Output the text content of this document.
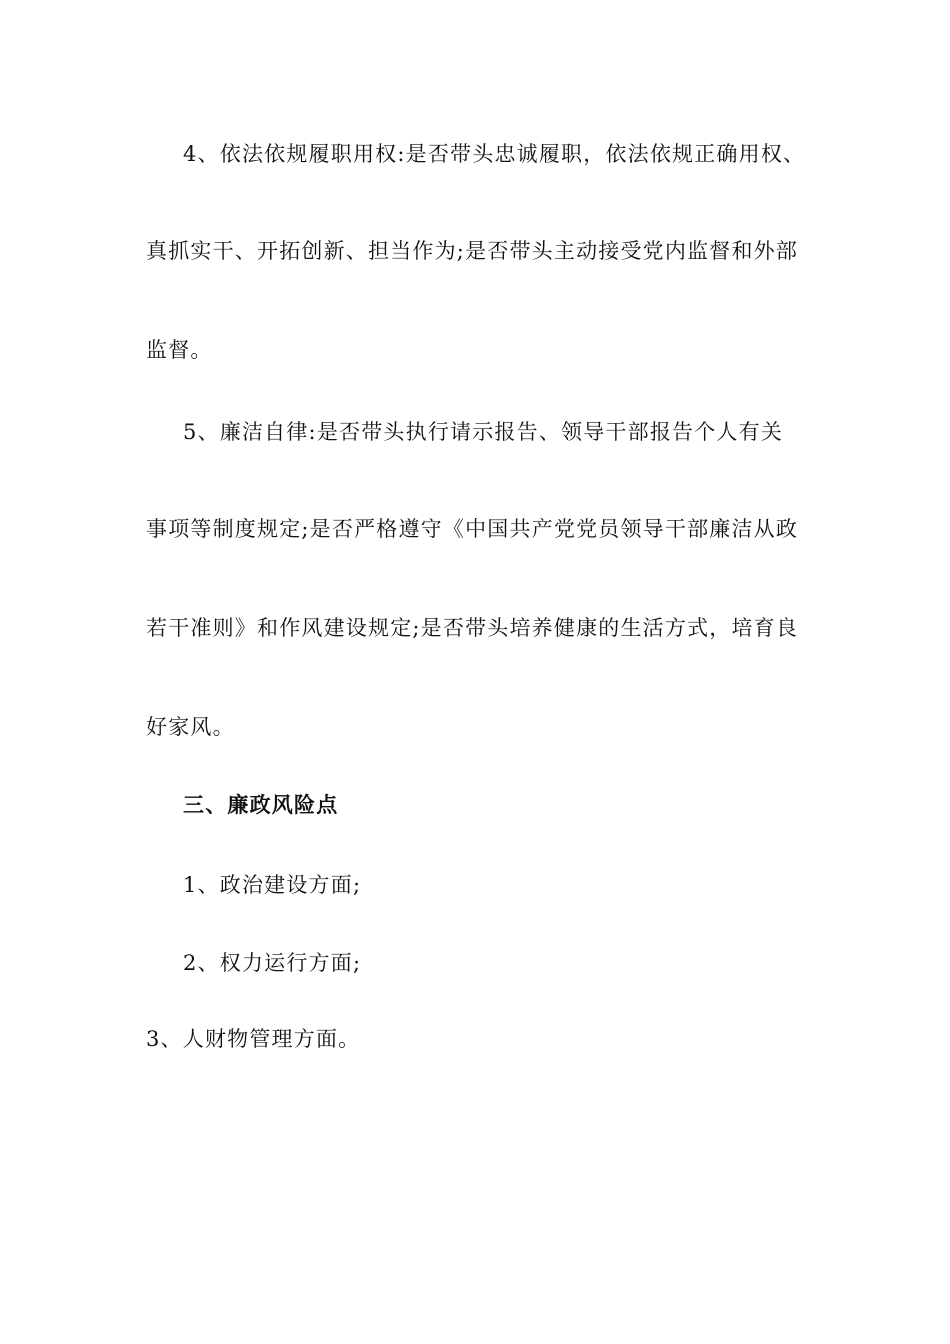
4、依法依规履职用权:是否带头忠诚履职，依法依规正确用权、
真抓实干、开拓创新、担当作为;是否带头主动接受党内监督和外部
监督。
5、廉洁自律:是否带头执行请示报告、领导干部报告个人有关
事项等制度规定;是否严格遵守《中国共产党党员领导干部廉洁从政
若干准则》和作风建设规定;是否带头培养健康的生活方式，培育良
好家风。
三、廉政风险点
1、政治建设方面;
2、权力运行方面;
3、人财物管理方面。
